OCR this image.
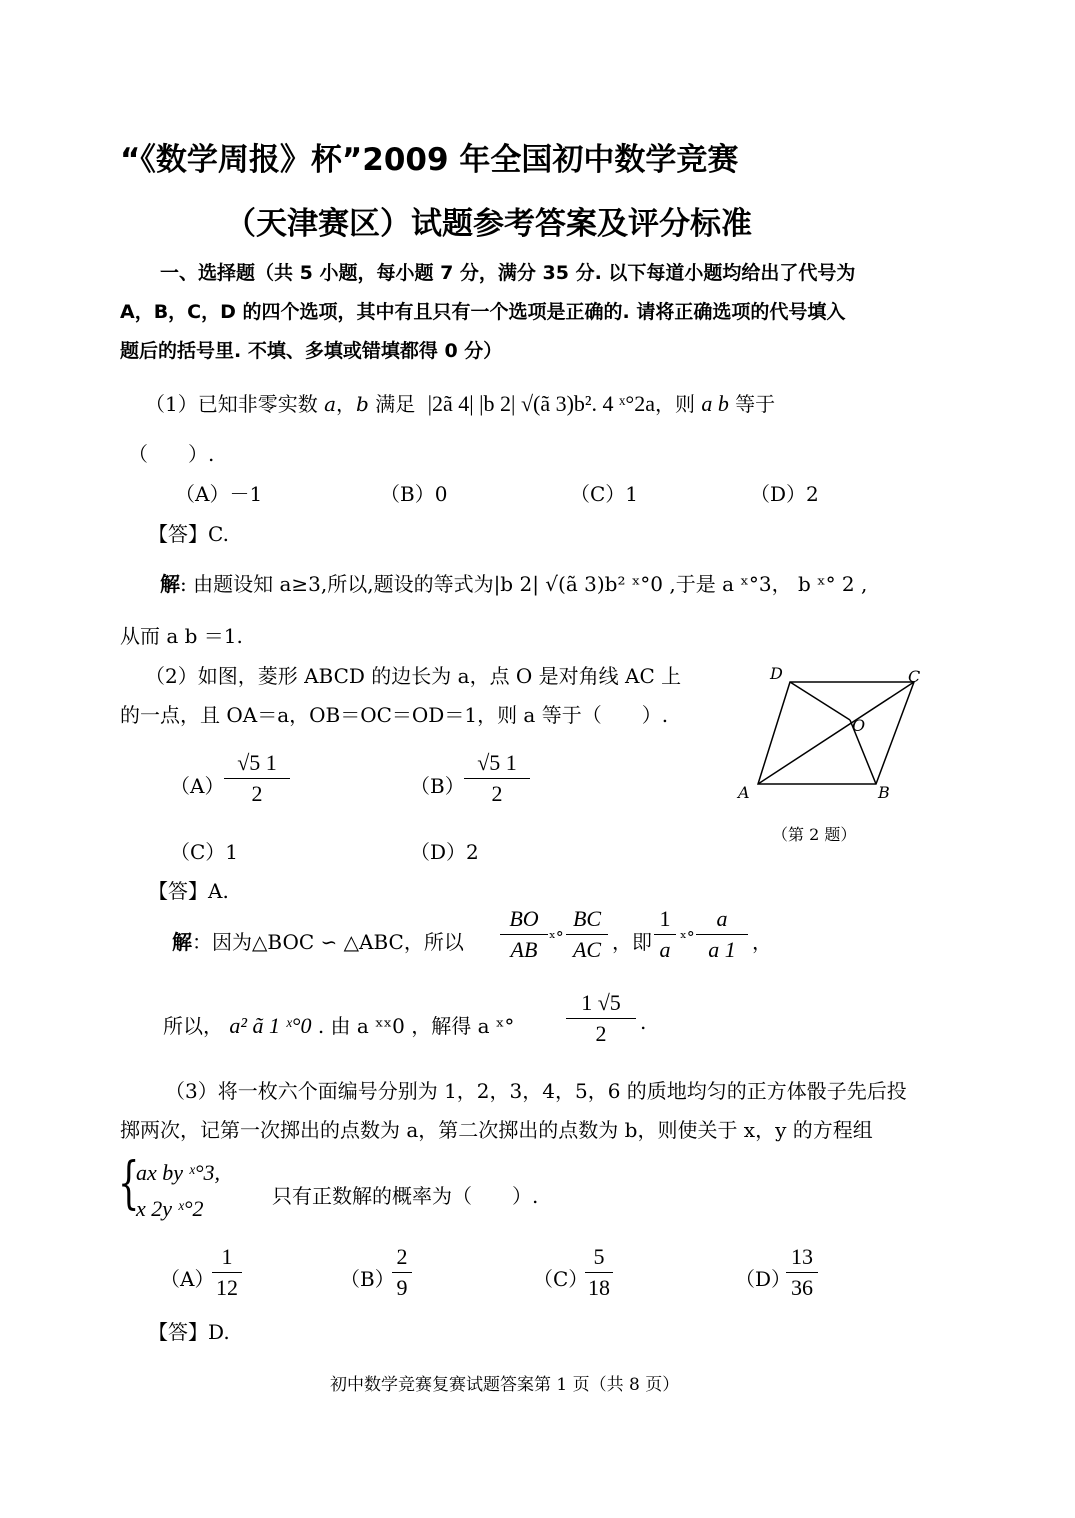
“《数学周报》杯”2009 年全国初中数学竞赛
（天津赛区）试题参考答案及评分标准
一、选择题（共 5 小题，每小题 7 分，满分 35 分. 以下每道小题均给出了代号为
A，B，C，D 的四个选项，其中有且只有一个选项是正确的. 请将正确选项的代号填入
题后的括号里. 不填、多填或错填都得 0 分）
（1）已知非零实数 a，b 满足 |2ã 4| |b 2| √(ã 3)b². 4 ˣ°2a，则 a b 等于
（　　）.
（A）－1	（B）0	（C）1	（D）2
【答】C.
解: 由题设知 a≥3,所以,题设的等式为|b 2| √(ã 3)b² ˣ°0 ,于是 a ˣ°3， b ˣ° 2 ,
从而 a b ＝1.
（2）如图，菱形 ABCD 的边长为 a，点 O 是对角线 AC 上
的一点，且 OA＝a，OB＝OC＝OD＝1，则 a 等于（　　）.
D	C
O
A	B
（第 2 题）
（A）
√5 1
2	（B）
√5 1
2
（C）1	（D）2
【答】A.
解：因为△BOC ∽ △ABC，所以
BO
AB ˣ°
BC
AC ，即
1
a ˣ°
a
a 1 ，
所以， a² ã 1 ˣ°0 . 由 a ˣˣ0 ，解得 a ˣ°
1 √5
2	.
（3）将一枚六个面编号分别为 1，2，3，4，5，6 的质地均匀的正方体骰子先后投
掷两次，记第一次掷出的点数为 a，第二次掷出的点数为 b，则使关于 x，y 的方程组
{
ax by ˣ°3,
x 2y ˣ°2	只有正数解的概率为（　　）.
（A）
1
12	（B）
2
9	（C）
5
18	（D）
13
36
【答】D.
初中数学竞赛复赛试题答案第 1 页（共 8 页）
